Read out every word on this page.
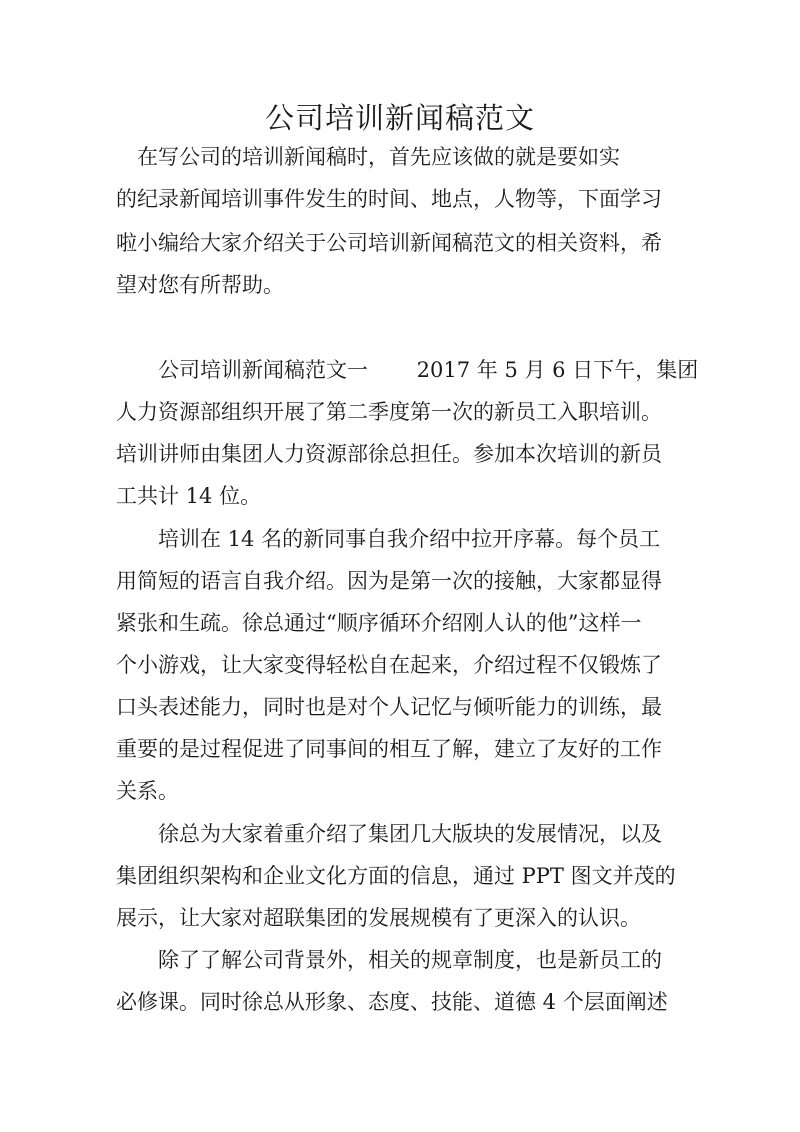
公司培训新闻稿范文

　在写公司的培训新闻稿时，首先应该做的就是要如实

的纪录新闻培训事件发生的时间、地点，人物等，下面学习

啦小编给大家介绍关于公司培训新闻稿范文的相关资料，希

望对您有所帮助。

　　公司培训新闻稿范文一　　 2017 年 5 月 6 日下午，集团

人力资源部组织开展了第二季度第一次的新员工入职培训。

培训讲师由集团人力资源部徐总担任。参加本次培训的新员

工共计 14 位。

　　培训在 14 名的新同事自我介绍中拉开序幕。每个员工

用简短的语言自我介绍。因为是第一次的接触，大家都显得

紧张和生疏。徐总通过“顺序循环介绍刚人认的他”这样一

个小游戏，让大家变得轻松自在起来，介绍过程不仅锻炼了

口头表述能力，同时也是对个人记忆与倾听能力的训练，最

重要的是过程促进了同事间的相互了解，建立了友好的工作

关系。

　　徐总为大家着重介绍了集团几大版块的发展情况，以及

集团组织架构和企业文化方面的信息，通过 PPT 图文并茂的

展示，让大家对超联集团的发展规模有了更深入的认识。

　　除了了解公司背景外，相关的规章制度，也是新员工的

必修课。同时徐总从形象、态度、技能、道德 4 个层面阐述
